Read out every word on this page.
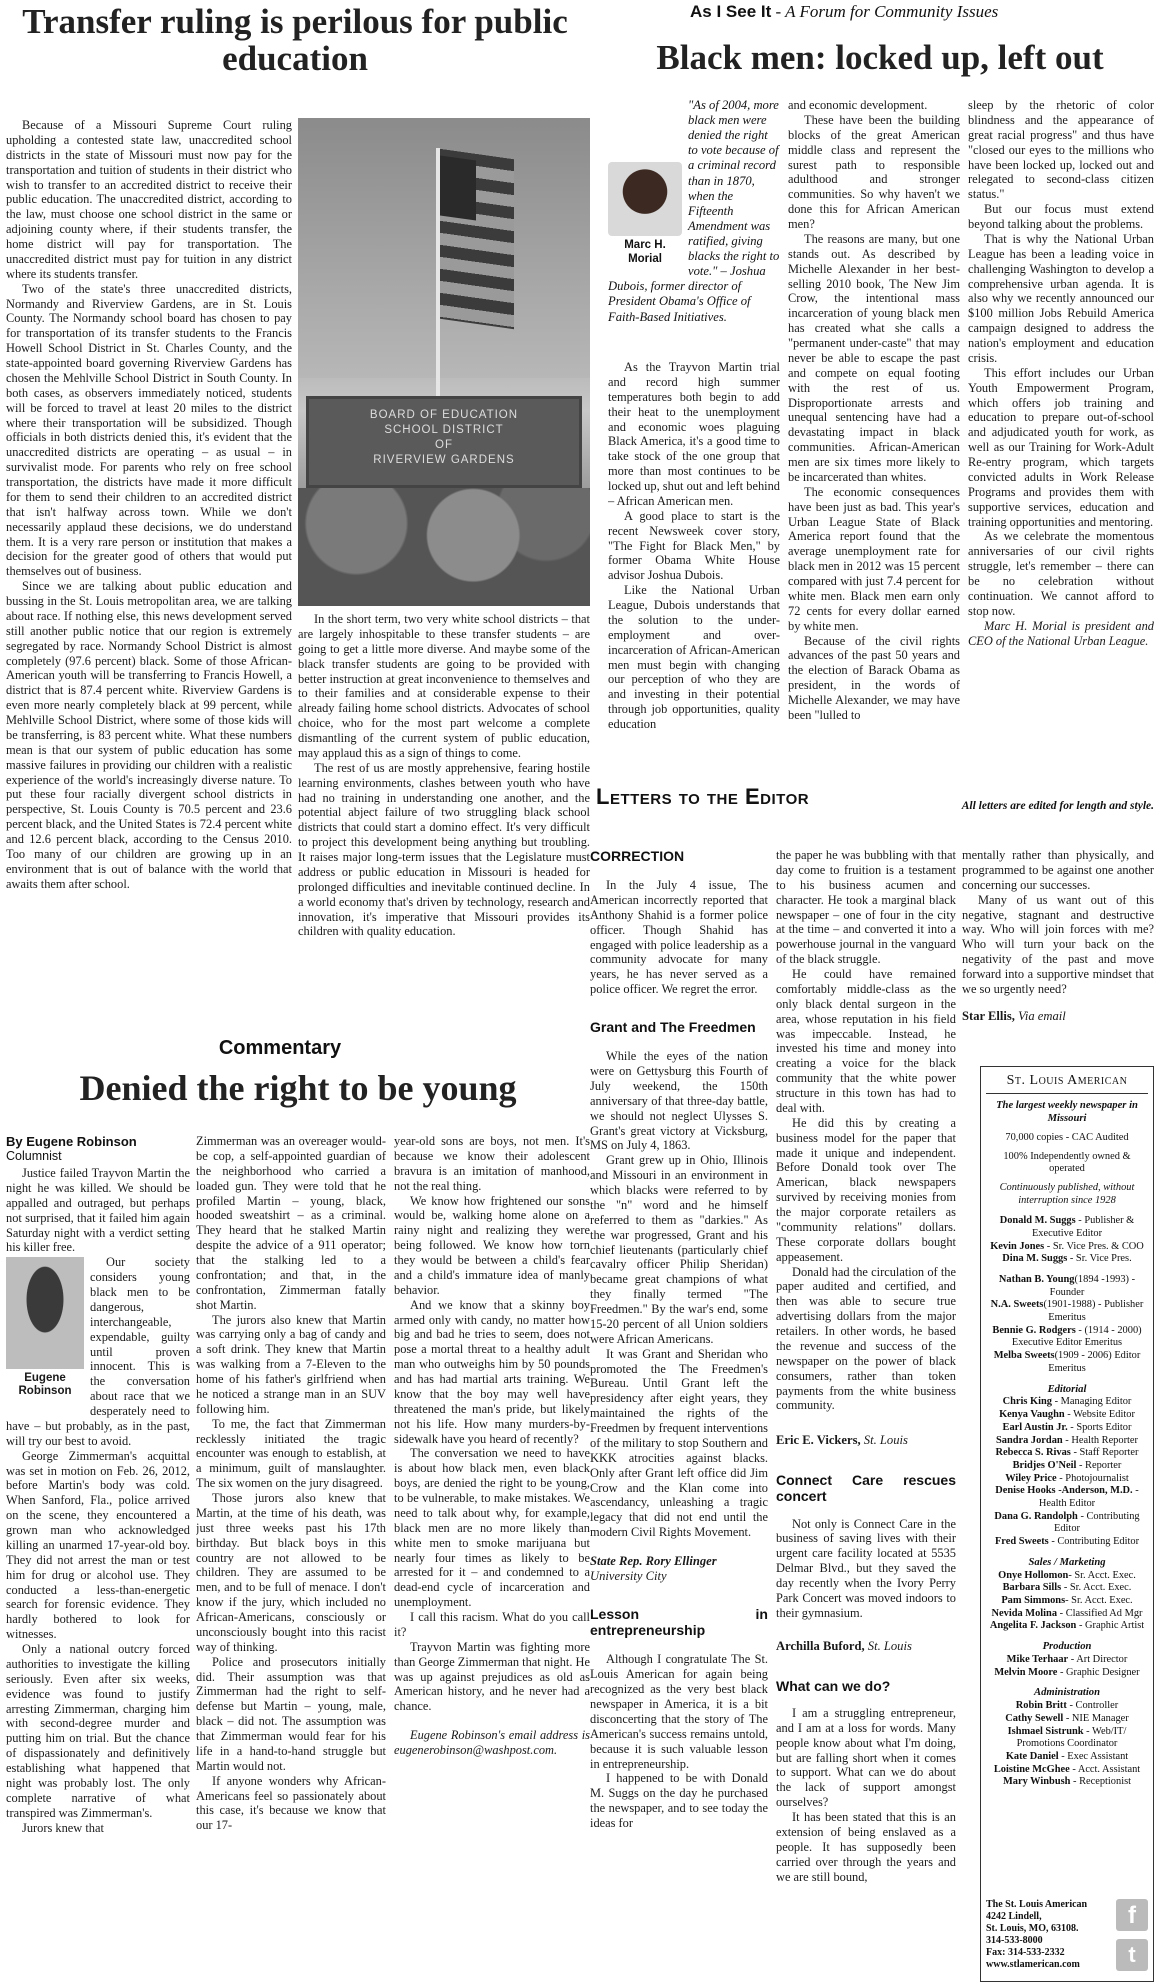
Transfer ruling is perilous for public education

Because of a Missouri Supreme Court ruling upholding a contested state law, unaccredited school districts in the state of Missouri must now pay for the transportation and tuition of students in their district who wish to transfer to an accredited district to receive their public education. The unaccredited district, according to the law, must choose one school district in the same or adjoining county where, if their students transfer, the home district will pay for transportation. The unaccredited district must pay for tuition in any district where its students transfer.

Two of the state's three unaccredited districts, Normandy and Riverview Gardens, are in St. Louis County. The Normandy school board has chosen to pay for transportation of its transfer students to the Francis Howell School District in St. Charles County, and the state-appointed board governing Riverview Gardens has chosen the Mehlville School District in South County. In both cases, as observers immediately noticed, students will be forced to travel at least 20 miles to the district where their transportation will be subsidized. Though officials in both districts denied this, it's evident that the unaccredited districts are operating – as usual – in survivalist mode. For parents who rely on free school transportation, the districts have made it more difficult for them to send their children to an accredited district that isn't halfway across town. While we don't necessarily applaud these decisions, we do understand them. It is a very rare person or institution that makes a decision for the greater good of others that would put themselves out of business.

Since we are talking about public education and bussing in the St. Louis metropolitan area, we are talking about race. If nothing else, this news development served still another public notice that our region is extremely segregated by race. Normandy School District is almost completely (97.6 percent) black. Some of those African-American youth will be transferring to Francis Howell, a district that is 87.4 percent white. Riverview Gardens is even more nearly completely black at 99 percent, while Mehlville School District, where some of those kids will be transferring, is 83 percent white. What these numbers mean is that our system of public education has some massive failures in providing our children with a realistic experience of the world's increasingly diverse nature. To put these four racially divergent school districts in perspective, St. Louis County is 70.5 percent and 23.6 percent black, and the United States is 72.4 percent white and 12.6 percent black, according to the Census 2010. Too many of our children are growing up in an environment that is out of balance with the world that awaits them after school.

BOARD OF EDUCATION
SCHOOL DISTRICT
OF
RIVERVIEW GARDENS

In the short term, two very white school districts – that are largely inhospitable to these transfer students – are going to get a little more diverse. And maybe some of the black transfer students are going to be provided with better instruction at great inconvenience to themselves and to their families and at considerable expense to their already failing home school districts. Advocates of school choice, who for the most part welcome a complete dismantling of the current system of public education, may applaud this as a sign of things to come.

The rest of us are mostly apprehensive, fearing hostile learning environments, clashes between youth who have had no training in understanding one another, and the potential abject failure of two struggling black school districts that could start a domino effect. It's very difficult to project this development being anything but troubling. It raises major long-term issues that the Legislature must address or public education in Missouri is headed for prolonged difficulties and inevitable continued decline. In a world economy that's driven by technology, research and innovation, it's imperative that Missouri provides its children with quality education.

As I See It - A Forum for Community Issues
Black men: locked up, left out
Marc H. Morial
"As of 2004, more black men were denied the right to vote because of a criminal record than in 1870, when the Fifteenth Amendment was ratified, giving blacks the right to vote." – Joshua Dubois, former director of President Obama's Office of Faith-Based Initiatives.

As the Trayvon Martin trial and record high summer temperatures both begin to add their heat to the unemployment and economic woes plaguing Black America, it's a good time to take stock of the one group that more than most continues to be locked up, shut out and left behind – African American men.

A good place to start is the recent Newsweek cover story, "The Fight for Black Men," by former Obama White House advisor Joshua Dubois.

Like the National Urban League, Dubois understands that the solution to the under-employment and over-incarceration of African-American men must begin with changing our perception of who they are and investing in their potential through job opportunities, quality education

and economic development.

These have been the building blocks of the great American middle class and represent the surest path to responsible adulthood and stronger communities. So why haven't we done this for African American men?

The reasons are many, but one stands out. As described by Michelle Alexander in her best-selling 2010 book, The New Jim Crow, the intentional mass incarceration of young black men has created what she calls a "permanent under-caste" that may never be able to escape the past and compete on equal footing with the rest of us. Disproportionate arrests and unequal sentencing have had a devastating impact in black communities. African-American men are six times more likely to be incarcerated than whites.

The economic consequences have been just as bad. This year's Urban League State of Black America report found that the average unemployment rate for black men in 2012 was 15 percent compared with just 7.4 percent for white men. Black men earn only 72 cents for every dollar earned by white men.

Because of the civil rights advances of the past 50 years and the election of Barack Obama as president, in the words of Michelle Alexander, we may have been "lulled to

sleep by the rhetoric of color blindness and the appearance of great racial progress" and thus have "closed our eyes to the millions who have been locked up, locked out and relegated to second-class citizen status."

But our focus must extend beyond talking about the problems.

That is why the National Urban League has been a leading voice in challenging Washington to develop a comprehensive urban agenda. It is also why we recently announced our $100 million Jobs Rebuild America campaign designed to address the nation's employment and education crisis.

This effort includes our Urban Youth Empowerment Program, which offers job training and education to prepare out-of-school and adjudicated youth for work, as well as our Training for Work-Adult Re-entry program, which targets convicted adults in Work Release Programs and provides them with supportive services, education and training opportunities and mentoring.

As we celebrate the momentous anniversaries of our civil rights struggle, let's remember – there can be no celebration without continuation. We cannot afford to stop now.

Marc H. Morial is president and CEO of the National Urban League.

Commentary
Denied the right to be young
By Eugene Robinson
Columnist

Justice failed Trayvon Martin the night he was killed. We should be appalled and outraged, but perhaps not surprised, that it failed him again Saturday night with a verdict setting his killer free.

Eugene Robinson

Our society considers young black men to be dangerous, interchangeable, expendable, guilty until proven innocent. This is the conversation about race that we desperately need to have – but probably, as in the past, will try our best to avoid.

George Zimmerman's acquittal was set in motion on Feb. 26, 2012, before Martin's body was cold. When Sanford, Fla., police arrived on the scene, they encountered a grown man who acknowledged killing an unarmed 17-year-old boy. They did not arrest the man or test him for drug or alcohol use. They conducted a less-than-energetic search for forensic evidence. They hardly bothered to look for witnesses.

Only a national outcry forced authorities to investigate the killing seriously. Even after six weeks, evidence was found to justify arresting Zimmerman, charging him with second-degree murder and putting him on trial. But the chance of dispassionately and definitively establishing what happened that night was probably lost. The only complete narrative of what transpired was Zimmerman's.

Jurors knew that

Zimmerman was an overeager would-be cop, a self-appointed guardian of the neighborhood who carried a loaded gun. They were told that he profiled Martin – young, black, hooded sweatshirt – as a criminal. They heard that he stalked Martin despite the advice of a 911 operator; that the stalking led to a confrontation; and that, in the confrontation, Zimmerman fatally shot Martin.

The jurors also knew that Martin was carrying only a bag of candy and a soft drink. They knew that Martin was walking from a 7-Eleven to the home of his father's girlfriend when he noticed a strange man in an SUV following him.

To me, the fact that Zimmerman recklessly initiated the tragic encounter was enough to establish, at a minimum, guilt of manslaughter. The six women on the jury disagreed.

Those jurors also knew that Martin, at the time of his death, was just three weeks past his 17th birthday. But black boys in this country are not allowed to be children. They are assumed to be men, and to be full of menace. I don't know if the jury, which included no African-Americans, consciously or unconsciously bought into this racist way of thinking.

Police and prosecutors initially did. Their assumption was that Zimmerman had the right to self-defense but Martin – young, male, black – did not. The assumption was that Zimmerman would fear for his life in a hand-to-hand struggle but Martin would not.

If anyone wonders why African-Americans feel so passionately about this case, it's because we know that our 17-

year-old sons are boys, not men. It's because we know their adolescent bravura is an imitation of manhood, not the real thing.

We know how frightened our sons would be, walking home alone on a rainy night and realizing they were being followed. We know how torn they would be between a child's fear and a child's immature idea of manly behavior.

And we know that a skinny boy armed only with candy, no matter how big and bad he tries to seem, does not pose a mortal threat to a healthy adult man who outweighs him by 50 pounds and has had martial arts training. We know that the boy may well have threatened the man's pride, but likely not his life. How many murders-by-sidewalk have you heard of recently?

The conversation we need to have is about how black men, even black boys, are denied the right to be young, to be vulnerable, to make mistakes. We need to talk about why, for example, black men are no more likely than white men to smoke marijuana but nearly four times as likely to be arrested for it – and condemned to a dead-end cycle of incarceration and unemployment.

I call this racism. What do you call it?

Trayvon Martin was fighting more than George Zimmerman that night. He was up against prejudices as old as American history, and he never had a chance.

Eugene Robinson's email address is eugenerobinson@washpost.com.

Letters to the Editor	All letters are edited for length and style.
CORRECTION

In the July 4 issue, The American incorrectly reported that Anthony Shahid is a former police officer. Though Shahid has engaged with police leadership as a community advocate for many years, he has never served as a police officer. We regret the error.

Grant and The Freedmen

While the eyes of the nation were on Gettysburg this Fourth of July weekend, the 150th anniversary of that three-day battle, we should not neglect Ulysses S. Grant's great victory at Vicksburg, MS on July 4, 1863.

Grant grew up in Ohio, Illinois and Missouri in an environment in which blacks were referred to by the "n" word and he himself referred to them as "darkies." As the war progressed, Grant and his chief lieutenants (particularly chief cavalry officer Philip Sheridan) became great champions of what they finally termed "The Freedmen." By the war's end, some 15-20 percent of all Union soldiers were African Americans.

It was Grant and Sheridan who promoted the The Freedmen's Bureau. Until Grant left the presidency after eight years, they maintained the rights of the Freedmen by frequent interventions of the military to stop Southern and KKK atrocities against blacks. Only after Grant left office did Jim Crow and the Klan come into ascendancy, unleashing a tragic legacy that did not end until the modern Civil Rights Movement.

State Rep. Rory Ellinger
University City
Lesson in entrepreneurship

Although I congratulate The St. Louis American for again being recognized as the very best black newspaper in America, it is a bit disconcerting that the story of The American's success remains untold, because it is such valuable lesson in entrepreneurship.

I happened to be with Donald M. Suggs on the day he purchased the newspaper, and to see today the ideas for

the paper he was bubbling with that day come to fruition is a testament to his business acumen and character. He took a marginal black newspaper – one of four in the city at the time – and converted it into a powerhouse journal in the vanguard of the black struggle.

He could have remained comfortably middle-class as the only black dental surgeon in the area, whose reputation in his field was impeccable. Instead, he invested his time and money into creating a voice for the black community that the white power structure in this town has had to deal with.

He did this by creating a business model for the paper that made it unique and independent. Before Donald took over The American, black newspapers survived by receiving monies from the major corporate retailers as "community relations" dollars. These corporate dollars bought appeasement.

Donald had the circulation of the paper audited and certified, and then was able to secure true advertising dollars from the major retailers. In other words, he based the revenue and success of the newspaper on the power of black consumers, rather than token payments from the white business community.

Eric E. Vickers, St. Louis
Connect Care rescues concert

Not only is Connect Care in the business of saving lives with their urgent care facility located at 5535 Delmar Blvd., but they saved the day recently when the Ivory Perry Park Concert was moved indoors to their gymnasium.

Archilla Buford, St. Louis
What can we do?

I am a struggling entrepreneur, and I am at a loss for words. Many people know about what I'm doing, but are falling short when it comes to support. What can we do about the lack of support amongst ourselves?

It has been stated that this is an extension of being enslaved as a people. It has supposedly been carried over through the years and we are still bound,

mentally rather than physically, and programmed to be against one another concerning our successes.

Many of us want out of this negative, stagnant and destructive way. Who will join forces with me? Who will turn your back on the negativity of the past and move forward into a supportive mindset that we so urgently need?

Star Ellis, Via email
St. Louis American

The largest weekly newspaper in Missouri

70,000 copies - CAC Audited

100% Independently owned & operated

Continuously published, without interruption since 1928

Donald M. Suggs - Publisher & Executive Editor

Kevin Jones - Sr. Vice Pres. & COO

Dina M. Suggs - Sr. Vice Pres.

Nathan B. Young(1894 -1993) - Founder

N.A. Sweets(1901-1988) - Publisher Emeritus

Bennie G. Rodgers - (1914 - 2000) Executive Editor Emeritus

Melba Sweets(1909 - 2006) Editor Emeritus

Editorial

Chris King - Managing Editor

Kenya Vaughn - Website Editor

Earl Austin Jr. - Sports Editor

Sandra Jordan - Health Reporter

Rebecca S. Rivas - Staff Reporter

Bridjes O'Neil - Reporter

Wiley Price - Photojournalist

Denise Hooks -Anderson, M.D. - Health Editor

Dana G. Randolph - Contributing Editor

Fred Sweets - Contributing Editor

Sales / Marketing

Onye Hollomon- Sr. Acct. Exec.

Barbara Sills - Sr. Acct. Exec.

Pam Simmons- Sr. Acct. Exec.

Nevida Molina - Classified Ad Mgr

Angelita F. Jackson - Graphic Artist

Production

Mike Terhaar - Art Director

Melvin Moore - Graphic Designer

Administration

Robin Britt - Controller

Cathy Sewell - NIE Manager

Ishmael Sistrunk - Web/IT/ Promotions Coordinator

Kate Daniel - Exec Assistant

Loistine McGhee - Acct. Assistant

Mary Winbush - Receptionist

The St. Louis American
4242 Lindell,
St. Louis, MO, 63108.
314-533-8000
Fax: 314-533-2332
www.stlamerican.com
f
t
